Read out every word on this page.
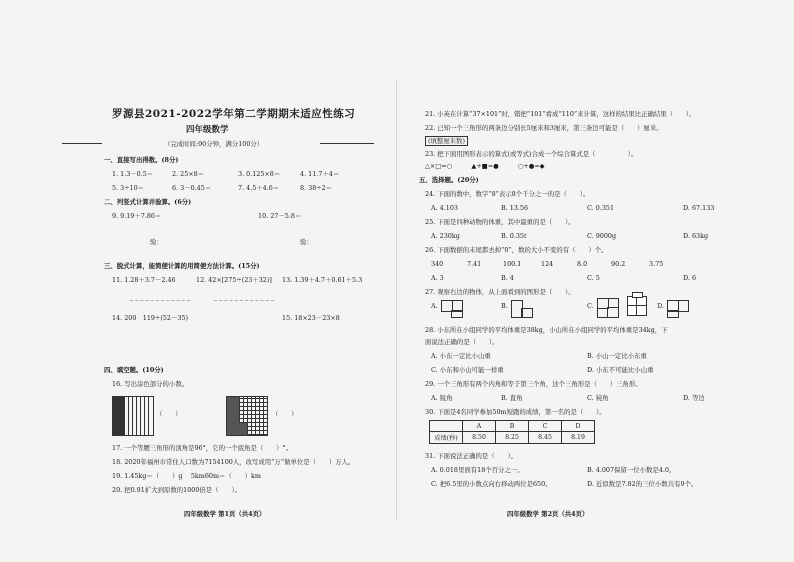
罗源县2021-2022学年第二学期期末适应性练习
四年级数学
（完成时间:90分钟，满分100分）
一、直接写出得数。(8分)
1. 1.3－0.5＝	2. 25×8＝	3. 0.125×8＝	4. 11.7＋4＝
5. 3÷10＝	6. 3－0.45＝	7. 4.5＋4.6＝	8. 38÷2＝
二、列竖式计算并验算。(6分)
9. 9.19＋7.86＝	10. 27－5.8＝
验：	验：
三、脱式计算，能简便计算的用简便方法计算。(15分)
11. 1.28＋3.7－2.46	12. 42×[275÷(23＋32)] 13. 1.39＋4.7＋0.61＋5.3
14. 200　119÷(52－35)	15. 18×23－23×8
四、填空题。(10分)
16. 写出涂色部分的小数。
（　　）	（　　）
17. 一个等腰三角形的顶角是96°，它的一个底角是（　　）°。
18. 2020年福州市常住人口数为7154100人，改写成用“万”做单位是（　　）万人。
19. 1.45kg＝（　　）g　 5km60m＝（　　）km
20. 把0.91扩大到原数的1000倍是（　　）。
四年级数学 第1页（共4页）
21. 小英在计算“37×101”时，错把“101”看成“110”来计算，这样的结果比正确结果（　　）。
22. 已知一个三角形的两条边分别长5厘米和3厘米，第三条边可能是（　　）厘米。
(填整厘米数)
23. 把下面用图形表示的算式(或等式)合成一个综合算式是（　　　　　）。
△×□=○　　　▲+■=●　　　○+●=◆
五、选择题。(20分)
24. 下面的数中，数字“8”表示8个千分之一的是（　　）。
A. 4.103	B. 13.56	C. 0.351	D. 67.133
25. 下面是四种动物的体重，其中最重的是（　　）。
A. 230kg	B. 0.35t	C. 9000g	D. 63kg
26. 下面数据的末尾都去掉“0”，数的大小不变的有（　　）个。
340	7.41	100.1	124	8.0	90.2	3.75
A. 3	B. 4	C. 5	D. 6
27. 观察右边的物体，从上面看到的图形是（　　）。
A.	B.	C.	D.
28. 小东所在小组同学的平均体重是38kg，小山所在小组同学的平均体重是34kg，下
面说法正确的是（　　）。
A. 小东一定比小山重	B. 小山一定比小东重
C. 小东和小山可能一样重	D. 小东不可能比小山重
29. 一个三角形有两个内角和等于第三个角，这个三角形是（　　）三角形。
A. 锐角	B. 直角	C. 钝角	D. 等边
30. 下面是4名同学参加50m短跑的成绩，第一名的是（　　）。
	A	B	C	D
成绩(秒)	8.50	8.25	8.45	8.19
31. 下面说法正确的是（　　）。
A. 0.018里面有18个百分之一。	B. 4.007保留一位小数是4.0。
C. 把6.5里的小数点向右移动两位是650。	D. 近似数是7.82的三位小数共有9个。
四年级数学 第2页（共4页）
